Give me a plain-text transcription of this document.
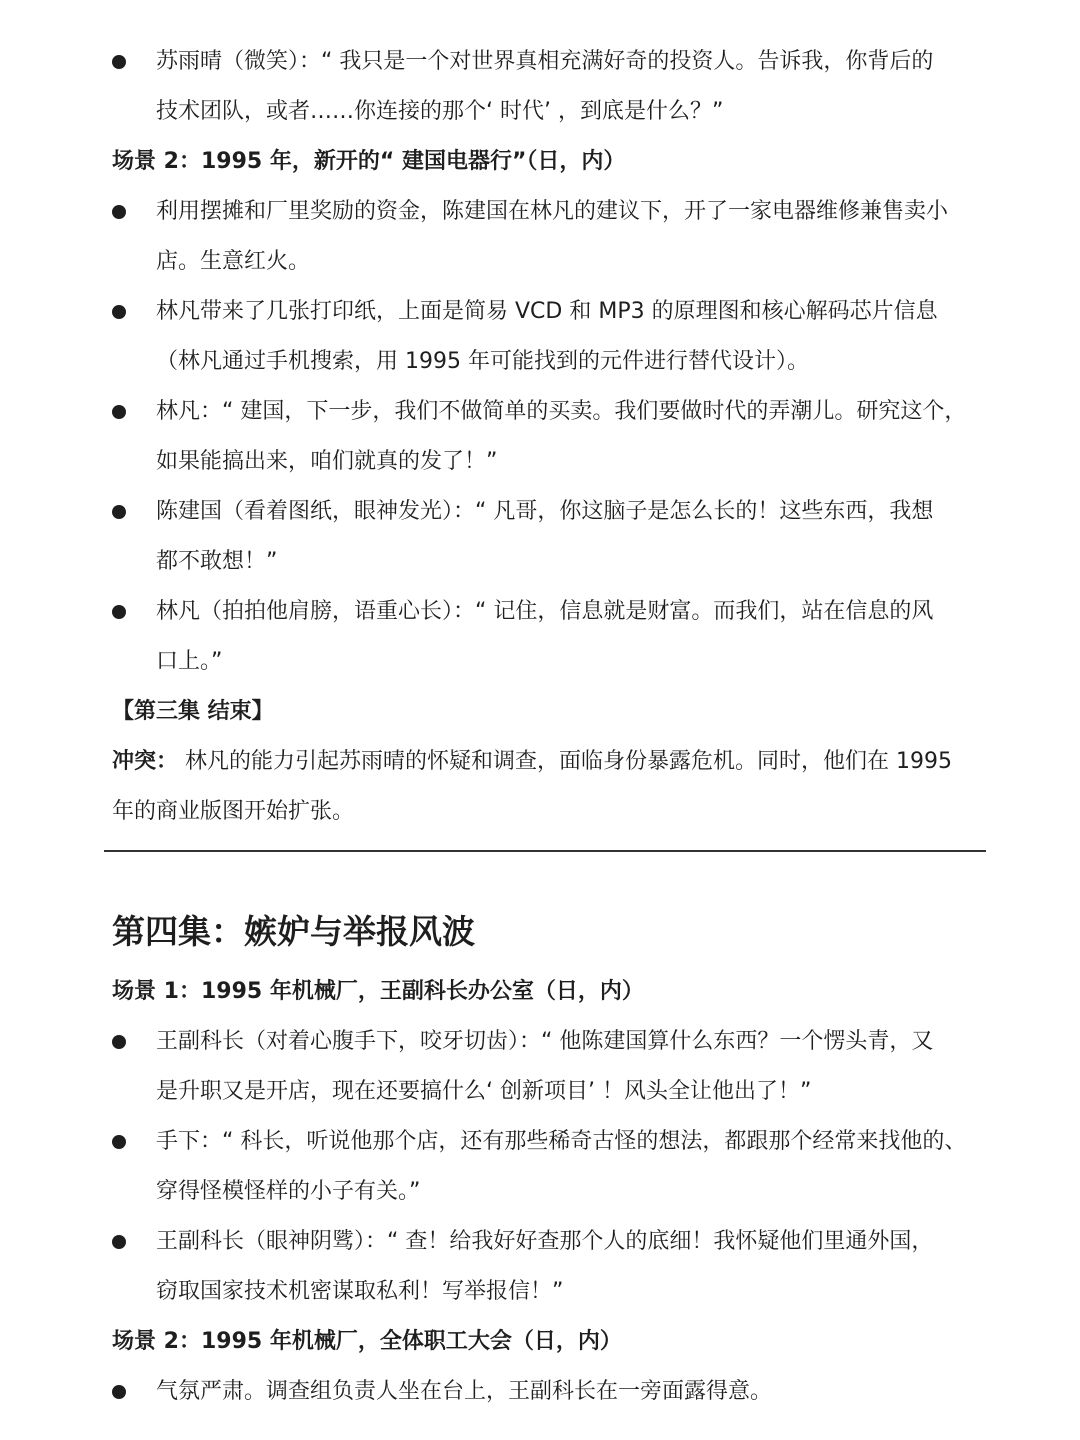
苏雨晴（微笑）：“ 我只是一个对世界真相充满好奇的投资人。告诉我，你背后的
技术团队，或者……你连接的那个‘ 时代’ ，到底是什么？”
场景 2：1995 年，新开的“ 建国电器行”（日，内）
利用摆摊和厂里奖励的资金，陈建国在林凡的建议下，开了一家电器维修兼售卖小
店。生意红火。
林凡带来了几张打印纸，上面是简易 VCD 和 MP3 的原理图和核心解码芯片信息
（林凡通过手机搜索，用 1995 年可能找到的元件进行替代设计）。
林凡：“ 建国，下一步，我们不做简单的买卖。我们要做时代的弄潮儿。研究这个，
如果能搞出来，咱们就真的发了！”
陈建国（看着图纸，眼神发光）：“ 凡哥，你这脑子是怎么长的！这些东西，我想
都不敢想！”
林凡（拍拍他肩膀，语重心长）：“ 记住，信息就是财富。而我们，站在信息的风
口上。”
【第三集 结束】
冲突： 林凡的能力引起苏雨晴的怀疑和调查，面临身份暴露危机。同时，他们在 1995
年的商业版图开始扩张。
第四集：嫉妒与举报风波
场景 1：1995 年机械厂，王副科长办公室（日，内）
王副科长（对着心腹手下，咬牙切齿）：“ 他陈建国算什么东西？一个愣头青，又
是升职又是开店，现在还要搞什么‘ 创新项目’ ！风头全让他出了！”
手下：“ 科长，听说他那个店，还有那些稀奇古怪的想法，都跟那个经常来找他的、
穿得怪模怪样的小子有关。”
王副科长（眼神阴骘）：“ 查！给我好好查那个人的底细！我怀疑他们里通外国，
窃取国家技术机密谋取私利！写举报信！”
场景 2：1995 年机械厂，全体职工大会（日，内）
气氛严肃。调查组负责人坐在台上，王副科长在一旁面露得意。
